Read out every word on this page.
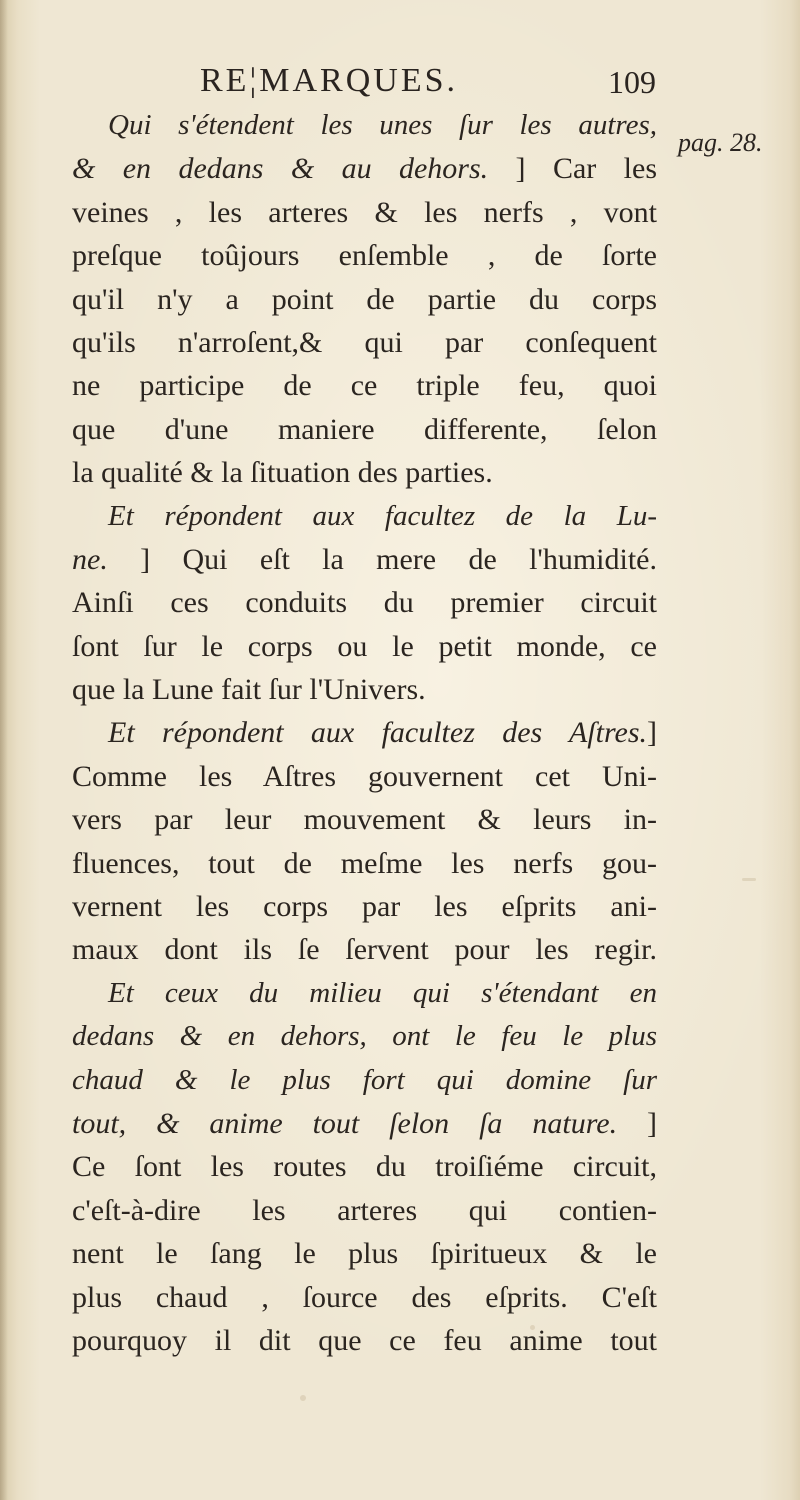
RE¦MARQUES.	109
pag. 28.
Qui s'étendent les unes ſur les autres,
& en dedans & au dehors. ] Car les
veines , les arteres & les nerfs , vont
preſque toûjours enſemble , de ſorte
qu'il n'y a point de partie du corps
qu'ils n'arroſent,& qui par conſequent
ne participe de ce triple feu, quoi
que d'une maniere differente, ſelon
la qualité & la ſituation des parties.
Et répondent aux facultez de la Lu-
ne. ] Qui eſt la mere de l'humidité.
Ainſi ces conduits du premier circuit
ſont ſur le corps ou le petit monde, ce
que la Lune fait ſur l'Univers.
Et répondent aux facultez des Aſtres.]
Comme les Aſtres gouvernent cet Uni-
vers par leur mouvement & leurs in-
fluences, tout de meſme les nerfs gou-
vernent les corps par les eſprits ani-
maux dont ils ſe ſervent pour les regir.
Et ceux du milieu qui s'étendant en
dedans & en dehors, ont le feu le plus
chaud & le plus fort qui domine ſur
tout, & anime tout ſelon ſa nature. ]
Ce ſont les routes du troiſiéme circuit,
c'eſt-à-dire les arteres qui contien-
nent le ſang le plus ſpiritueux & le
plus chaud , ſource des eſprits. C'eſt
pourquoy il dit que ce feu anime tout
